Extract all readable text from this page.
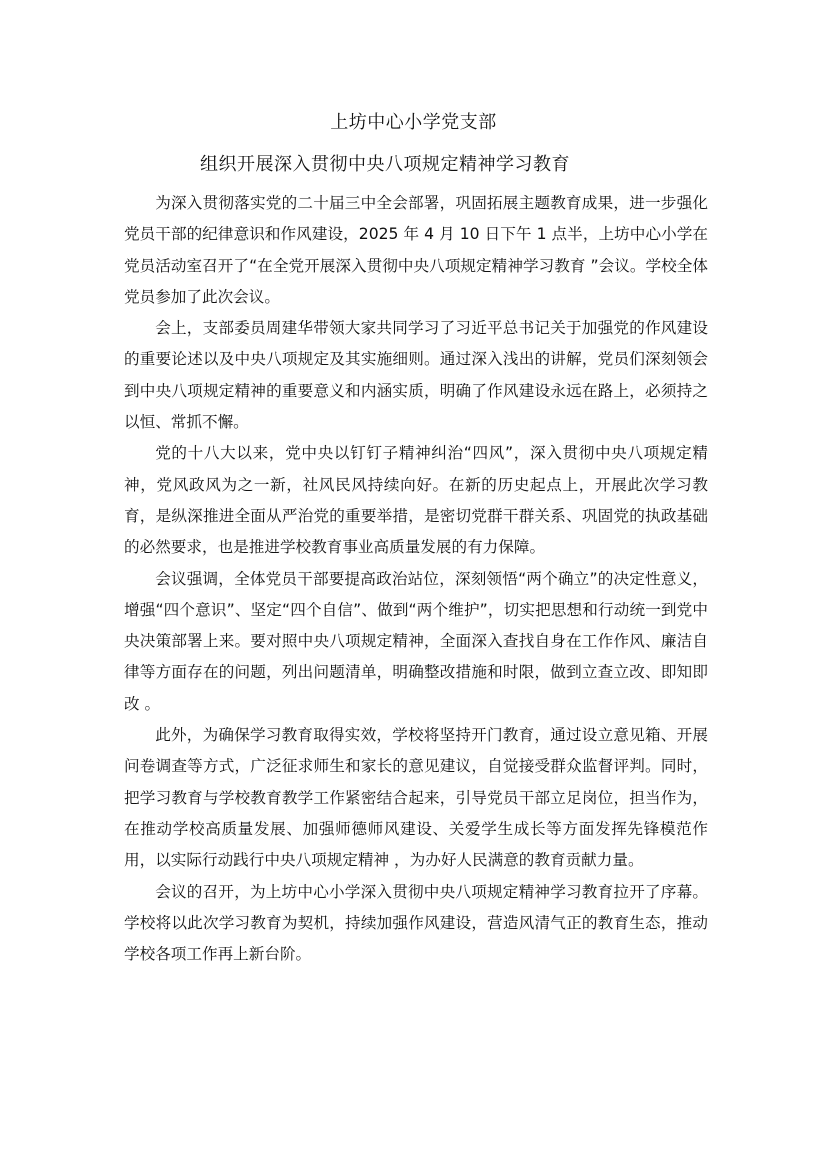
上坊中心小学党支部
组织开展深入贯彻中央八项规定精神学习教育

为深入贯彻落实党的二十届三中全会部署，巩固拓展主题教育成果，进一步强化党员干部的纪律意识和作风建设，2025 年 4 月 10 日下午 1 点半，上坊中心小学在党员活动室召开了“在全党开展深入贯彻中央八项规定精神学习教育 ”会议。学校全体党员参加了此次会议。

会上，支部委员周建华带领大家共同学习了习近平总书记关于加强党的作风建设的重要论述以及中央八项规定及其实施细则。通过深入浅出的讲解，党员们深刻领会到中央八项规定精神的重要意义和内涵实质，明确了作风建设永远在路上，必须持之以恒、常抓不懈。

党的十八大以来，党中央以钉钉子精神纠治“四风”，深入贯彻中央八项规定精神，党风政风为之一新，社风民风持续向好。在新的历史起点上，开展此次学习教育，是纵深推进全面从严治党的重要举措，是密切党群干群关系、巩固党的执政基础的必然要求，也是推进学校教育事业高质量发展的有力保障。

会议强调，全体党员干部要提高政治站位，深刻领悟“两个确立”的决定性意义，增强“四个意识”、坚定“四个自信”、做到“两个维护”，切实把思想和行动统一到党中央决策部署上来。要对照中央八项规定精神，全面深入查找自身在工作作风、廉洁自律等方面存在的问题，列出问题清单，明确整改措施和时限，做到立查立改、即知即改 。

此外，为确保学习教育取得实效，学校将坚持开门教育，通过设立意见箱、开展问卷调查等方式，广泛征求师生和家长的意见建议，自觉接受群众监督评判。同时，把学习教育与学校教育教学工作紧密结合起来，引导党员干部立足岗位，担当作为，在推动学校高质量发展、加强师德师风建设、关爱学生成长等方面发挥先锋模范作用，以实际行动践行中央八项规定精神 ，为办好人民满意的教育贡献力量。

会议的召开，为上坊中心小学深入贯彻中央八项规定精神学习教育拉开了序幕。学校将以此次学习教育为契机，持续加强作风建设，营造风清气正的教育生态，推动学校各项工作再上新台阶。
